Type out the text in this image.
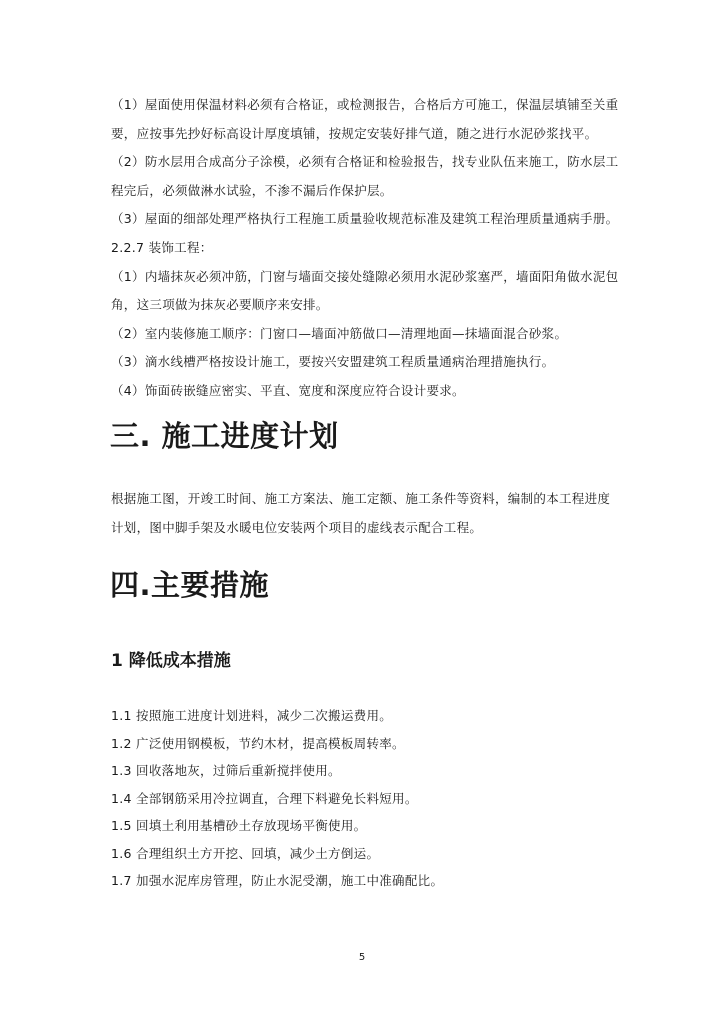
（1）屋面使用保温材料必须有合格证，或检测报告，合格后方可施工，保温层填铺至关重

要，应按事先抄好标高设计厚度填铺，按规定安装好排气道，随之进行水泥砂浆找平。

（2）防水层用合成高分子涂模，必须有合格证和检验报告，找专业队伍来施工，防水层工

程完后，必须做淋水试验，不渗不漏后作保护层。

（3）屋面的细部处理严格执行工程施工质量验收规范标准及建筑工程治理质量通病手册。

2.2.7 装饰工程：

（1）内墙抹灰必须冲筋，门窗与墙面交接处缝隙必须用水泥砂浆塞严，墙面阳角做水泥包

角，这三项做为抹灰必要顺序来安排。

（2）室内装修施工顺序：门窗口—墙面冲筋做口—清理地面—抹墙面混合砂浆。

（3）滴水线槽严格按设计施工，要按兴安盟建筑工程质量通病治理措施执行。

（4）饰面砖嵌缝应密实、平直、宽度和深度应符合设计要求。

三. 施工进度计划

根据施工图，开竣工时间、施工方案法、施工定额、施工条件等资料，编制的本工程进度

计划，图中脚手架及水暖电位安装两个项目的虚线表示配合工程。

四.主要措施
1 降低成本措施
1.1 按照施工进度计划进料，减少二次搬运费用。
1.2 广泛使用钢模板，节约木材，提高模板周转率。
1.3 回收落地灰，过筛后重新搅拌使用。
1.4 全部钢筋采用冷拉调直，合理下料避免长料短用。
1.5 回填土利用基槽砂土存放现场平衡使用。
1.6 合理组织土方开挖、回填，减少土方倒运。
1.7 加强水泥库房管理，防止水泥受潮，施工中准确配比。
5
